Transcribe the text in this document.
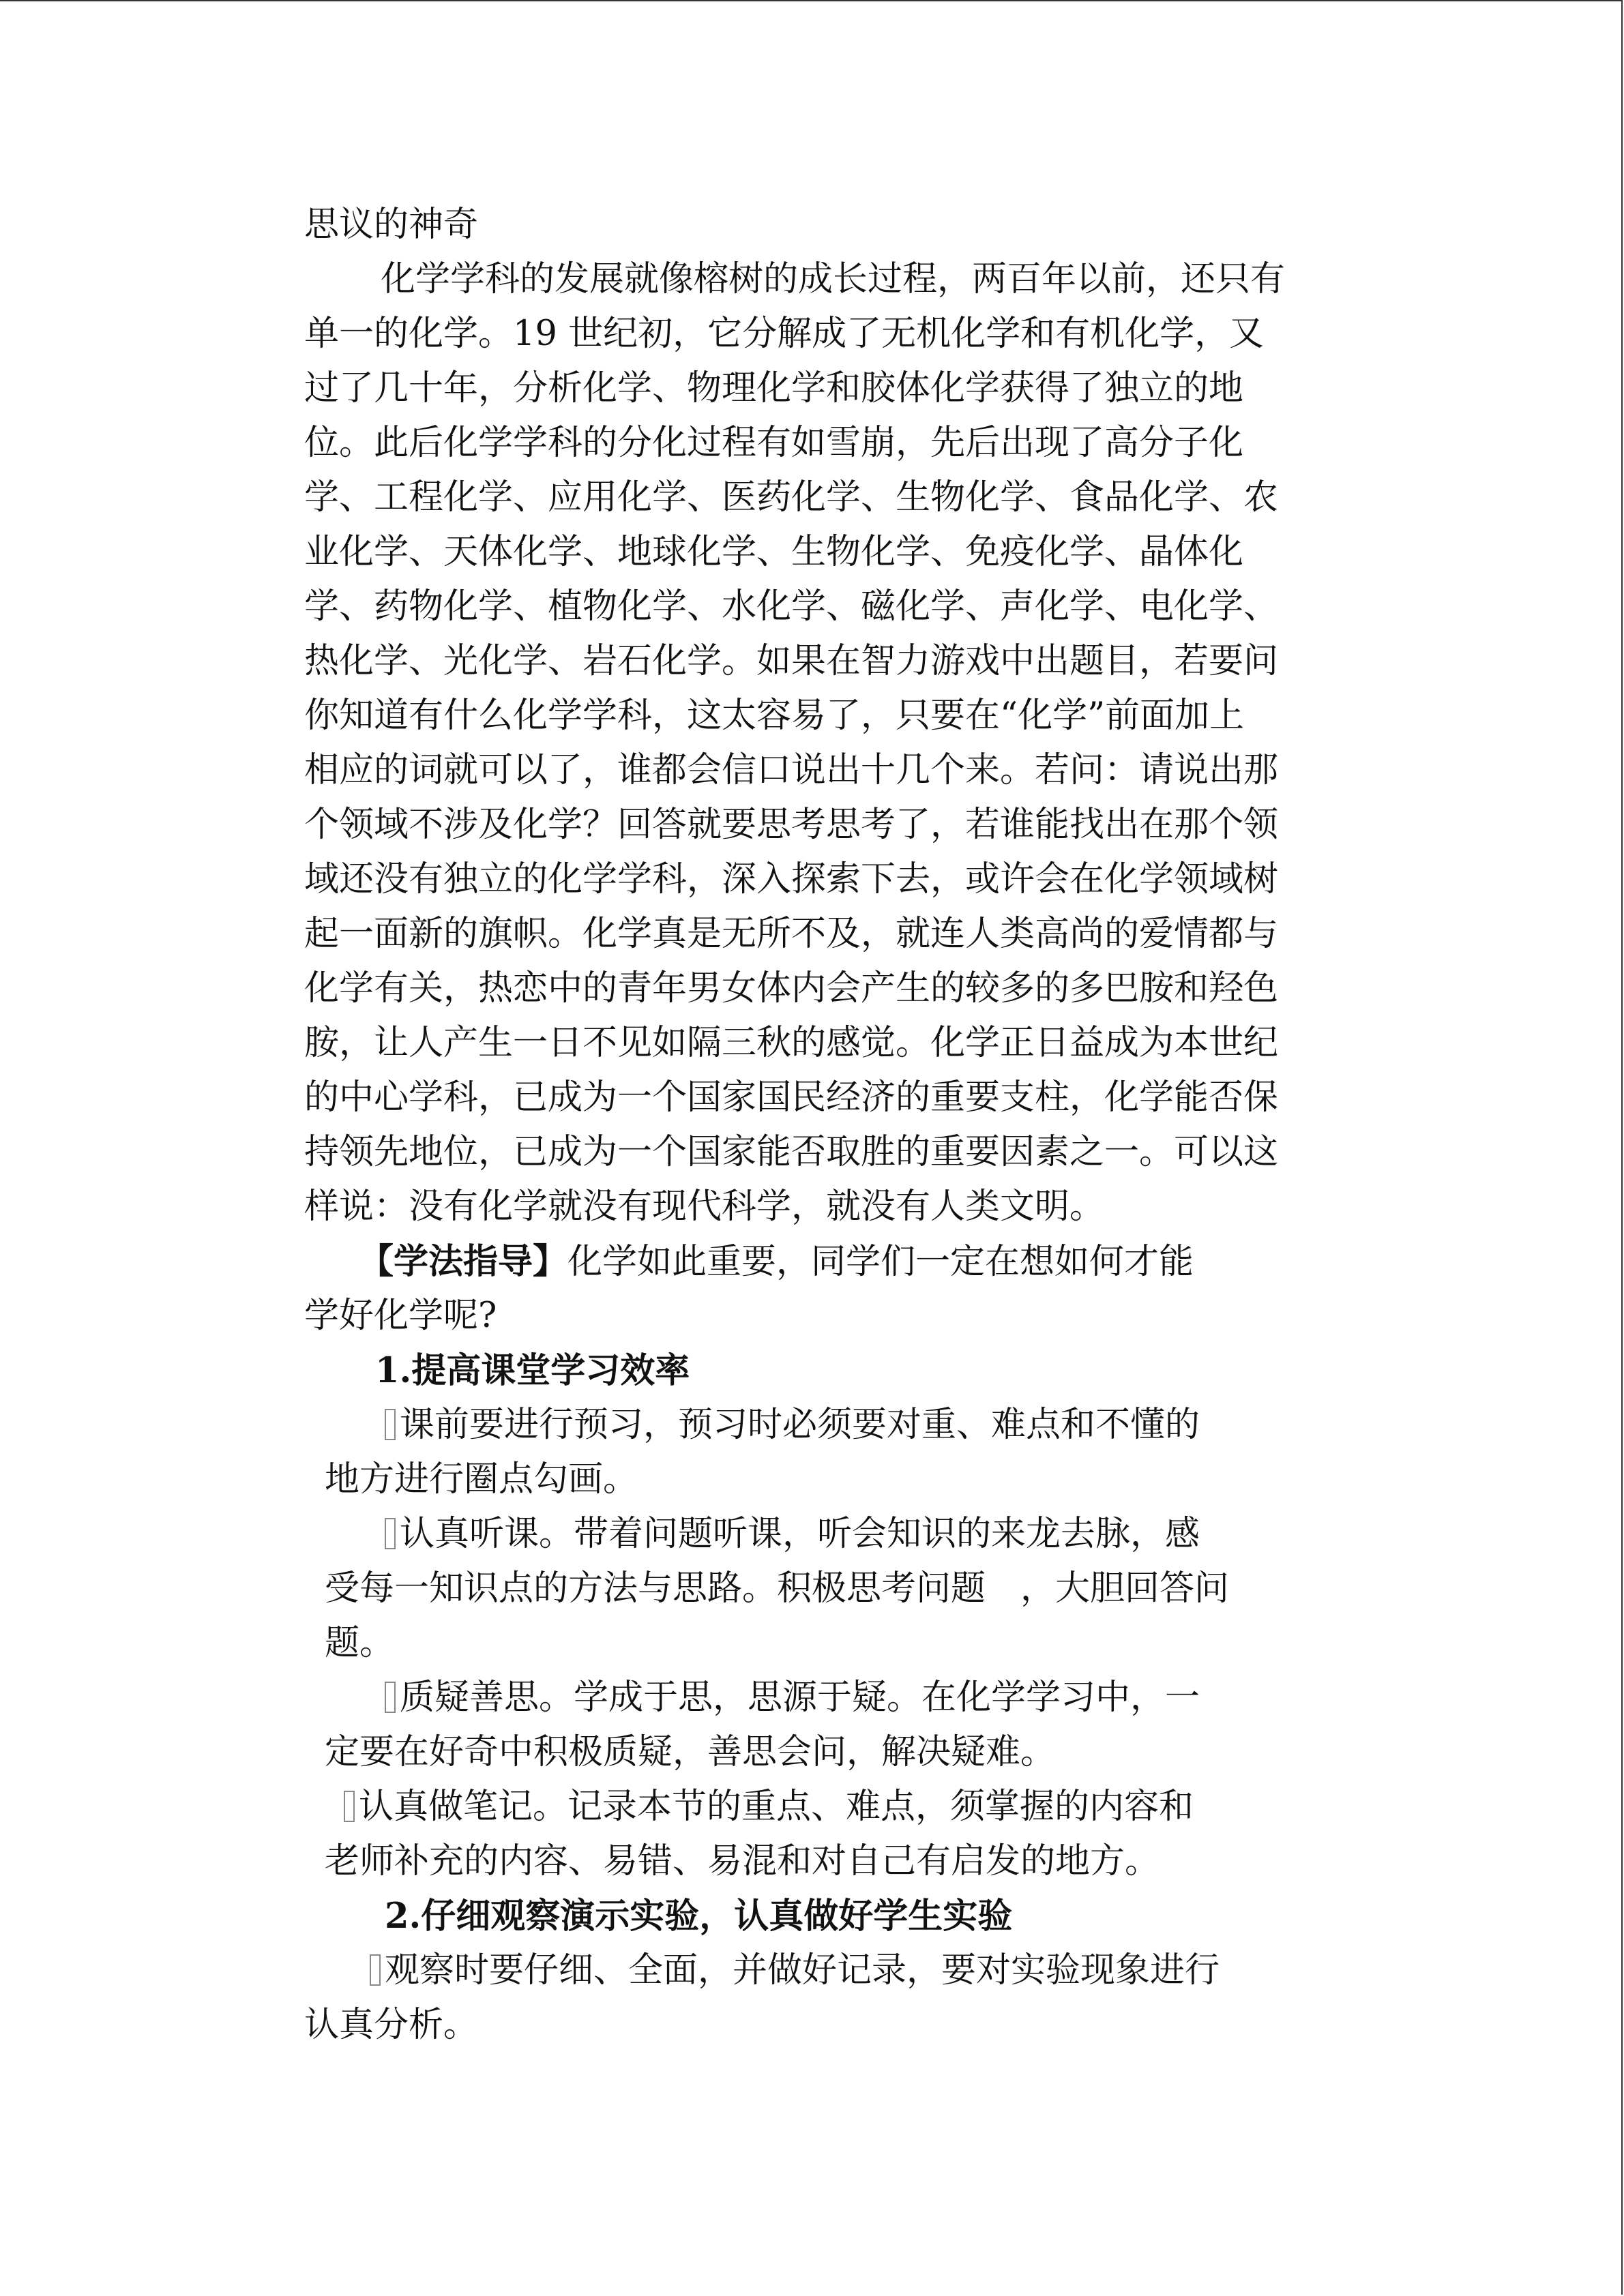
思议的神奇
化学学科的发展就像榕树的成长过程，两百年以前，还只有
单一的化学。19 世纪初，它分解成了无机化学和有机化学，又
过了几十年，分析化学、物理化学和胶体化学获得了独立的地
位。此后化学学科的分化过程有如雪崩，先后出现了高分子化
学、工程化学、应用化学、医药化学、生物化学、食品化学、农
业化学、天体化学、地球化学、生物化学、免疫化学、晶体化
学、药物化学、植物化学、水化学、磁化学、声化学、电化学、
热化学、光化学、岩石化学。如果在智力游戏中出题目，若要问
你知道有什么化学学科，这太容易了，只要在“化学”前面加上
相应的词就可以了，谁都会信口说出十几个来。若问：请说出那
个领域不涉及化学？回答就要思考思考了，若谁能找出在那个领
域还没有独立的化学学科，深入探索下去，或许会在化学领域树
起一面新的旗帜。化学真是无所不及，就连人类高尚的爱情都与
化学有关，热恋中的青年男女体内会产生的较多的多巴胺和羟色
胺，让人产生一日不见如隔三秋的感觉。化学正日益成为本世纪
的中心学科，已成为一个国家国民经济的重要支柱，化学能否保
持领先地位，已成为一个国家能否取胜的重要因素之一。可以这
样说：没有化学就没有现代科学，就没有人类文明。
【学法指导】化学如此重要，同学们一定在想如何才能
学好化学呢?
1.提高课堂学习效率
课前要进行预习，预习时必须要对重、难点和不懂的
地方进行圈点勾画。
认真听课。带着问题听课，听会知识的来龙去脉，感
受每一知识点的方法与思路。积极思考问题　，大胆回答问
题。
质疑善思。学成于思，思源于疑。在化学学习中，一
定要在好奇中积极质疑，善思会问，解决疑难。
认真做笔记。记录本节的重点、难点，须掌握的内容和
老师补充的内容、易错、易混和对自己有启发的地方。
2.仔细观察演示实验，认真做好学生实验
观察时要仔细、全面，并做好记录，要对实验现象进行
认真分析。
